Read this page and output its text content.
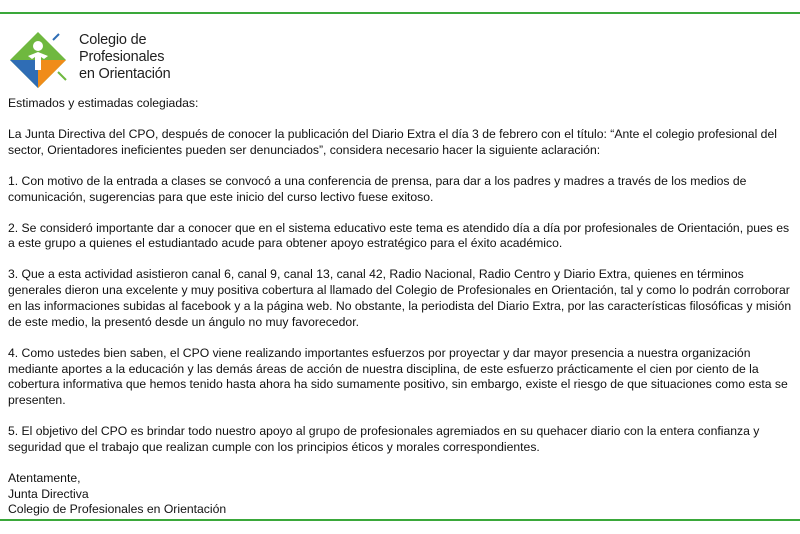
Colegio de
Profesionales
en Orientación

Estimados y estimadas colegiadas:

La Junta Directiva del CPO, después de conocer la publicación del Diario Extra el día 3 de febrero con el título: “Ante el colegio profesional del sector, Orientadores ineficientes pueden ser denunciados”, considera necesario hacer la siguiente aclaración:

1. Con motivo de la entrada a clases se convocó a una conferencia de prensa, para dar a los padres y madres a través de los medios de comunicación, sugerencias para que este inicio del curso lectivo fuese exitoso.

2. Se consideró importante dar a conocer que en el sistema educativo este tema es atendido día a día por profesionales de Orientación, pues es a este grupo a quienes el estudiantado acude para obtener apoyo estratégico para el éxito académico.

3. Que a esta actividad asistieron canal 6, canal 9, canal 13, canal 42, Radio Nacional, Radio Centro y Diario Extra, quienes en términos generales dieron una excelente y muy positiva cobertura al llamado del Colegio de Profesionales en Orientación, tal y como lo podrán corroborar en las informaciones subidas al facebook y a la página web. No obstante, la periodista del Diario Extra, por las características filosóficas y misión de este medio, la presentó desde un ángulo no muy favorecedor.

4. Como ustedes bien saben, el CPO viene realizando importantes esfuerzos por proyectar y dar mayor presencia a nuestra organización mediante aportes a la educación y las demás áreas de acción de nuestra disciplina, de este esfuerzo prácticamente el cien por ciento de la cobertura informativa que hemos tenido hasta ahora ha sido sumamente positivo, sin embargo, existe el riesgo de que situaciones como esta se presenten.

5. El objetivo del CPO es brindar todo nuestro apoyo al grupo de profesionales agremiados en su quehacer diario con la entera confianza y seguridad que el trabajo que realizan cumple con los principios éticos y morales correspondientes.

Atentamente,

Junta Directiva

Colegio de Profesionales en Orientación
